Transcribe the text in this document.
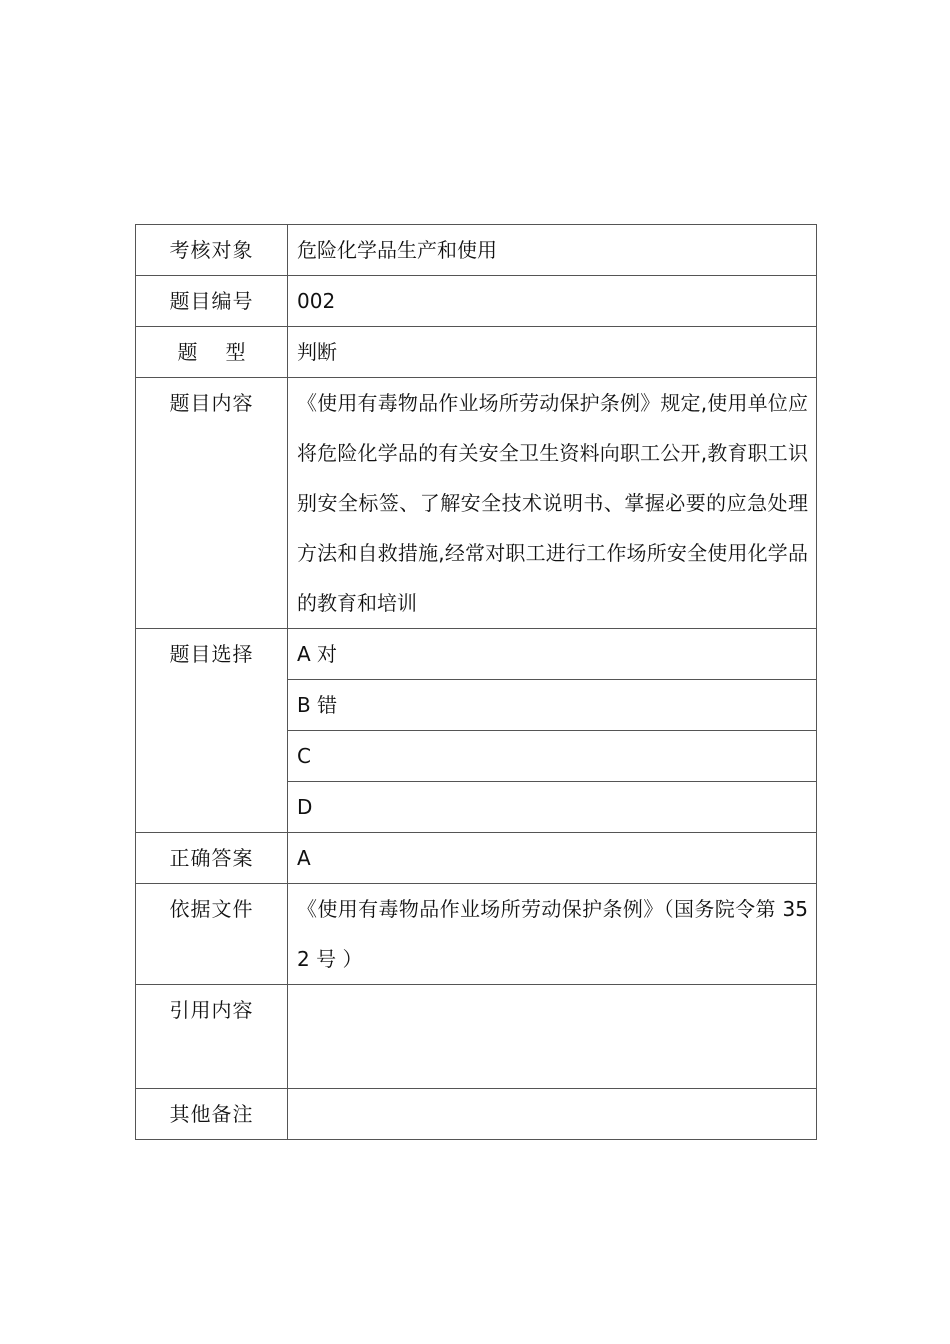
考核对象	危险化学品生产和使用
题目编号	002
题 型	判断
题目内容	《使用有毒物品作业场所劳动保护条例》规定,使用单位应将危险化学品的有关安全卫生资料向职工公开,教育职工识别安全标签、了解安全技术说明书、掌握必要的应急处理方法和自救措施,经常对职工进行工作场所安全使用化学品的教育和培训
题目选择	A 对
	B 错
	C
	D
正确答案	A
依据文件	《使用有毒物品作业场所劳动保护条例》（国务院令第 352 号 ）
引用内容	
其他备注	
